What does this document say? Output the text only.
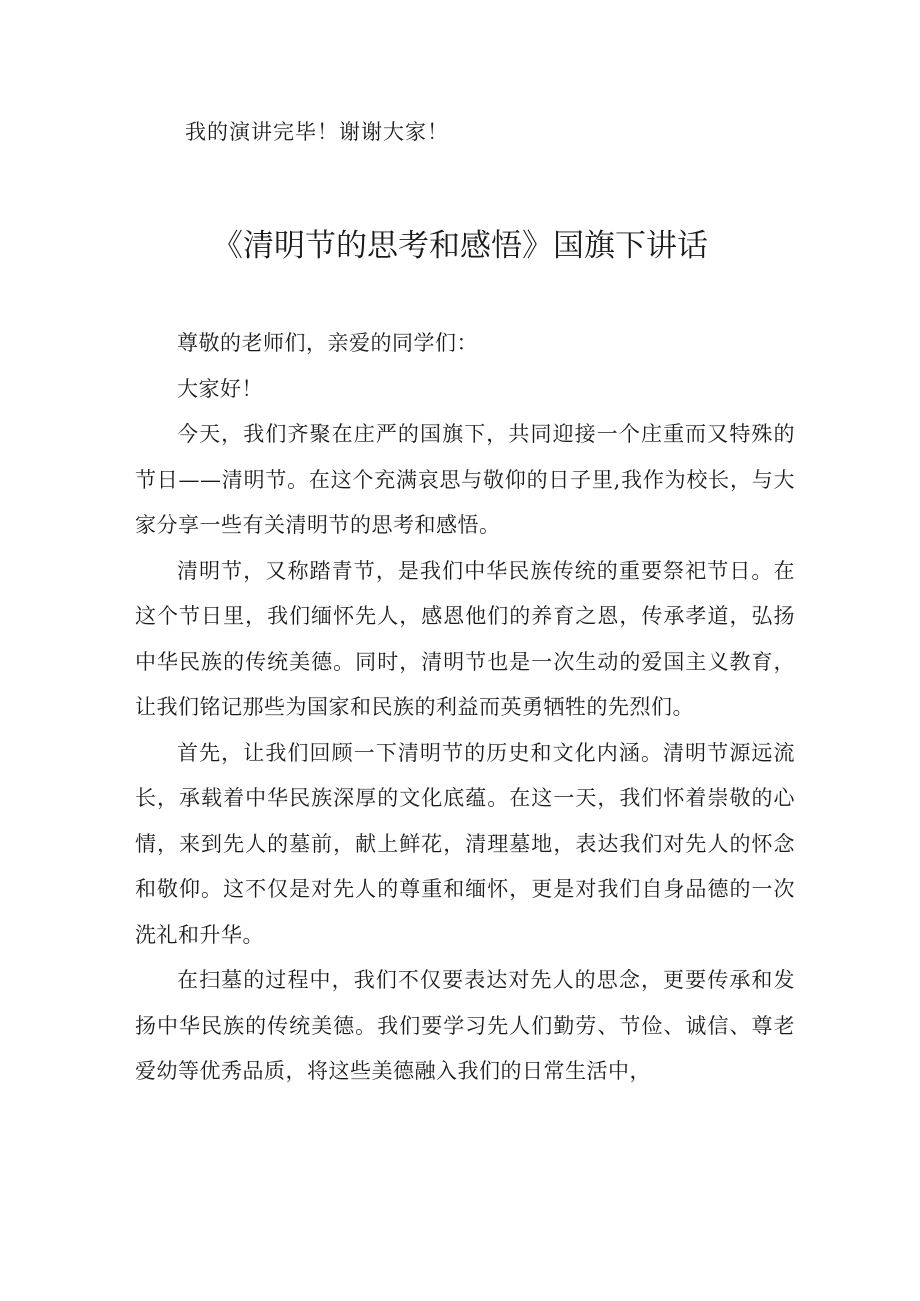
我的演讲完毕！谢谢大家！
《清明节的思考和感悟》国旗下讲话

尊敬的老师们，亲爱的同学们：

大家好！

今天，我们齐聚在庄严的国旗下，共同迎接一个庄重而又特殊的节日——清明节。在这个充满哀思与敬仰的日子里,我作为校长，与大家分享一些有关清明节的思考和感悟。

清明节，又称踏青节，是我们中华民族传统的重要祭祀节日。在这个节日里，我们缅怀先人，感恩他们的养育之恩，传承孝道，弘扬中华民族的传统美德。同时，清明节也是一次生动的爱国主义教育，让我们铭记那些为国家和民族的利益而英勇牺牲的先烈们。

首先，让我们回顾一下清明节的历史和文化内涵。清明节源远流长，承载着中华民族深厚的文化底蕴。在这一天，我们怀着崇敬的心情，来到先人的墓前，献上鲜花，清理墓地，表达我们对先人的怀念和敬仰。这不仅是对先人的尊重和缅怀，更是对我们自身品德的一次洗礼和升华。

在扫墓的过程中，我们不仅要表达对先人的思念，更要传承和发扬中华民族的传统美德。我们要学习先人们勤劳、节俭、诚信、尊老爱幼等优秀品质，将这些美德融入我们的日常生活中，
